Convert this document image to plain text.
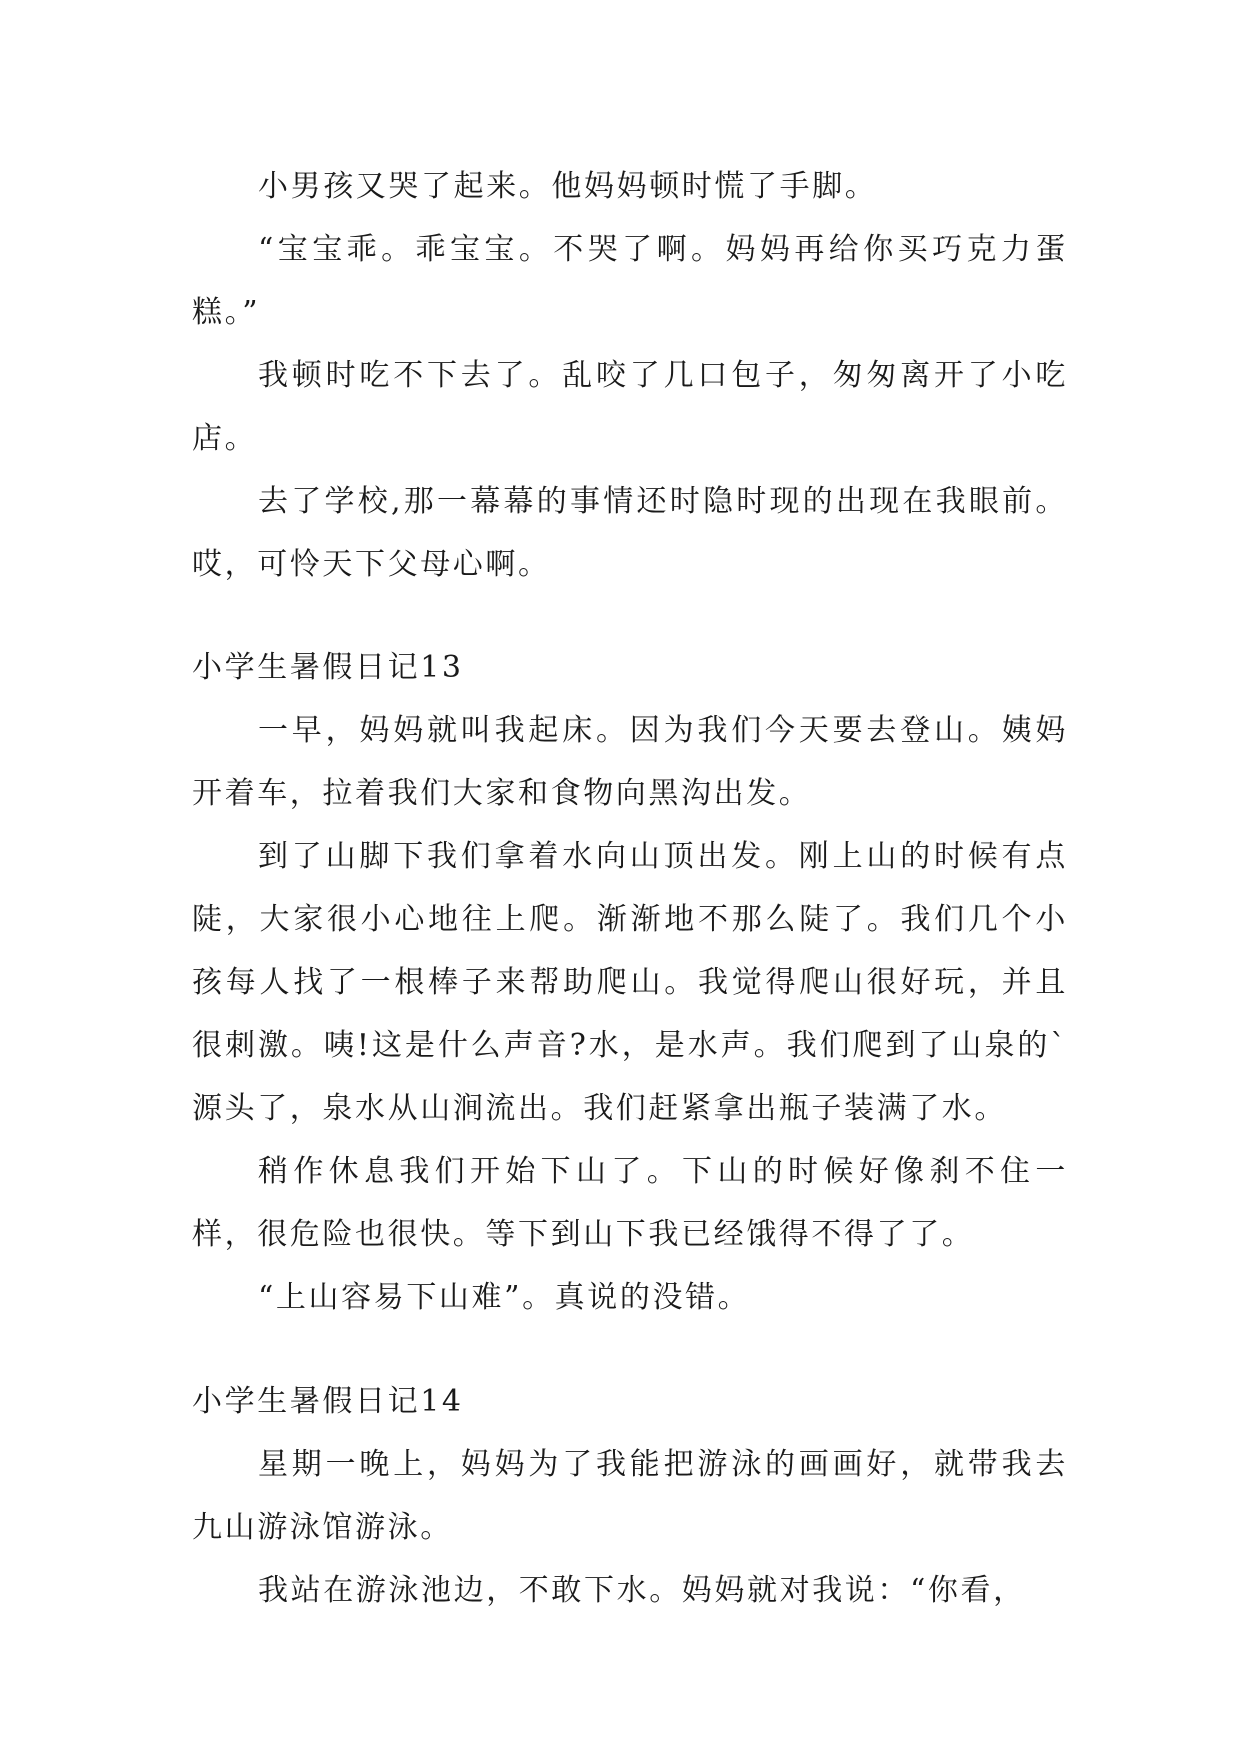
小男孩又哭了起来。他妈妈顿时慌了手脚。

“宝宝乖。乖宝宝。不哭了啊。妈妈再给你买巧克力蛋糕。”

我顿时吃不下去了。乱咬了几口包子，匆匆离开了小吃店。

去了学校,那一幕幕的事情还时隐时现的出现在我眼前。哎，可怜天下父母心啊。

小学生暑假日记13

一早，妈妈就叫我起床。因为我们今天要去登山。姨妈开着车，拉着我们大家和食物向黑沟出发。

到了山脚下我们拿着水向山顶出发。刚上山的时候有点陡，大家很小心地往上爬。渐渐地不那么陡了。我们几个小孩每人找了一根棒子来帮助爬山。我觉得爬山很好玩，并且很刺激。咦!这是什么声音?水，是水声。我们爬到了山泉的`源头了，泉水从山涧流出。我们赶紧拿出瓶子装满了水。

稍作休息我们开始下山了。下山的时候好像刹不住一样，很危险也很快。等下到山下我已经饿得不得了了。

“上山容易下山难”。真说的没错。

小学生暑假日记14

星期一晚上，妈妈为了我能把游泳的画画好，就带我去九山游泳馆游泳。

我站在游泳池边，不敢下水。妈妈就对我说：“你看，
